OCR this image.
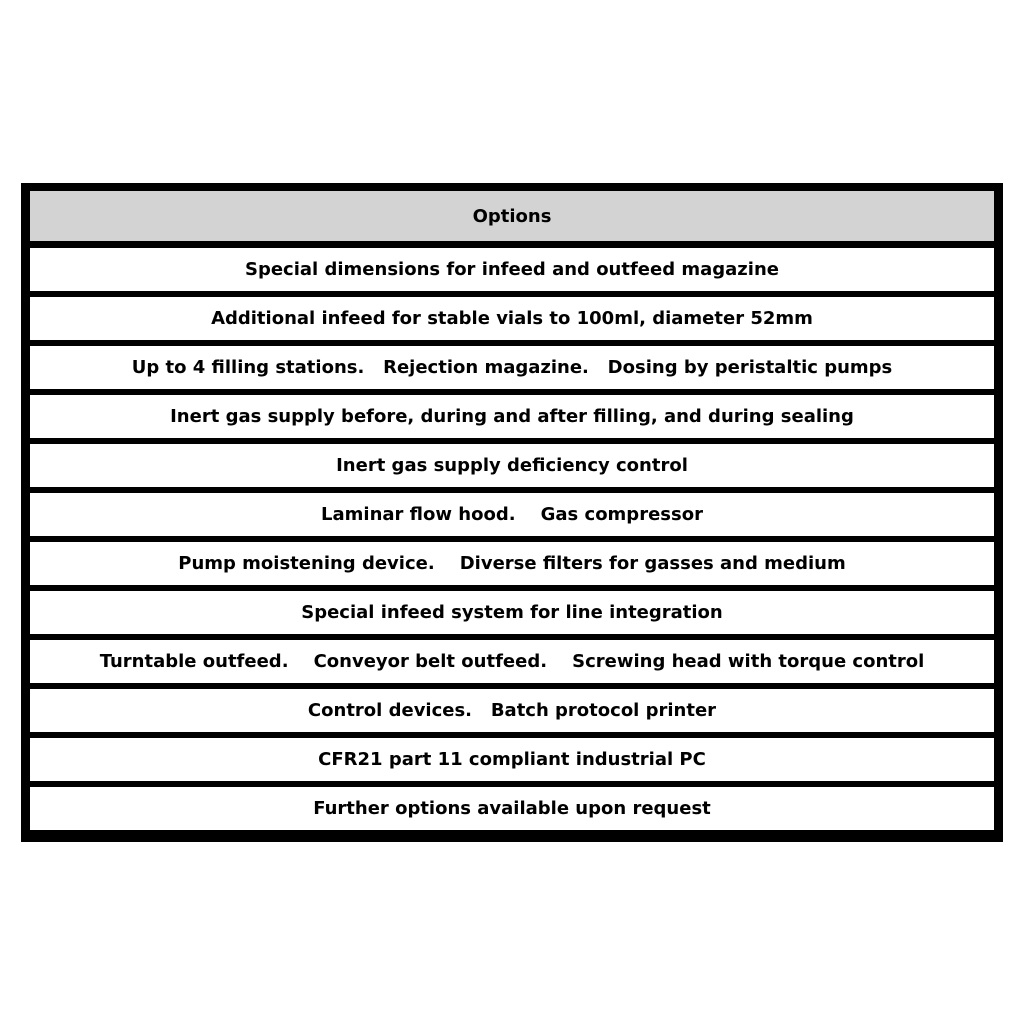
Options
Special dimensions for infeed and outfeed magazine
Additional infeed for stable vials to 100ml, diameter 52mm
Up to 4 filling stations.   Rejection magazine.   Dosing by peristaltic pumps
Inert gas supply before, during and after filling, and during sealing
Inert gas supply deficiency control
Laminar flow hood.    Gas compressor
Pump moistening device.    Diverse filters for gasses and medium
Special infeed system for line integration
Turntable outfeed.    Conveyor belt outfeed.    Screwing head with torque control
Control devices.   Batch protocol printer
CFR21 part 11 compliant industrial PC
Further options available upon request
